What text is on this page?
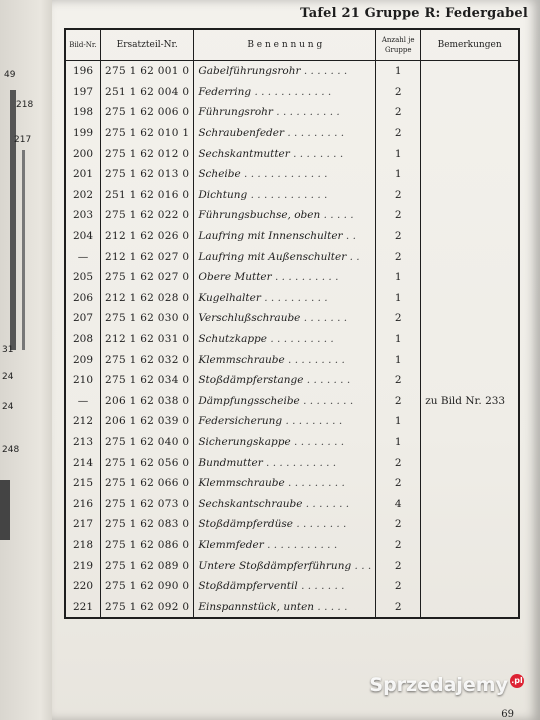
49
218
217
31
24
24
248
Tafel 21 Gruppe R: Federgabel
Bild-Nr.	Ersatzteil-Nr.	B e n e n n u n g	Anzahl je Gruppe	Bemerkungen
196	275 1 62 001 0	Gabelführungsrohr . . . . . . .	1	
197	251 1 62 004 0	Federring . . . . . . . . . . . .	2	
198	275 1 62 006 0	Führungsrohr . . . . . . . . . .	2	
199	275 1 62 010 1	Schraubenfeder . . . . . . . . .	2	
200	275 1 62 012 0	Sechskantmutter . . . . . . . .	1	
201	275 1 62 013 0	Scheibe . . . . . . . . . . . . .	1	
202	251 1 62 016 0	Dichtung . . . . . . . . . . . .	2	
203	275 1 62 022 0	Führungsbuchse, oben . . . . .	2	
204	212 1 62 026 0	Laufring mit Innenschulter . .	2	
—	212 1 62 027 0	Laufring mit Außenschulter . .	2	
205	275 1 62 027 0	Obere Mutter . . . . . . . . . .	1	
206	212 1 62 028 0	Kugelhalter . . . . . . . . . .	1	
207	275 1 62 030 0	Verschlußschraube . . . . . . .	2	
208	212 1 62 031 0	Schutzkappe . . . . . . . . . .	1	
209	275 1 62 032 0	Klemmschraube . . . . . . . . .	1	
210	275 1 62 034 0	Stoßdämpferstange . . . . . . .	2	
—	206 1 62 038 0	Dämpfungsscheibe . . . . . . . .	2	zu Bild Nr. 233
212	206 1 62 039 0	Federsicherung . . . . . . . . .	1	
213	275 1 62 040 0	Sicherungskappe . . . . . . . .	1	
214	275 1 62 056 0	Bundmutter . . . . . . . . . . .	2	
215	275 1 62 066 0	Klemmschraube . . . . . . . . .	2	
216	275 1 62 073 0	Sechskantschraube . . . . . . .	4	
217	275 1 62 083 0	Stoßdämpferdüse . . . . . . . .	2	
218	275 1 62 086 0	Klemmfeder . . . . . . . . . . .	2	
219	275 1 62 089 0	Untere Stoßdämpferführung . . .	2	
220	275 1 62 090 0	Stoßdämpferventil . . . . . . .	2	
221	275 1 62 092 0	Einspannstück, unten . . . . .	2	
69
Sprzedajemy .pl
